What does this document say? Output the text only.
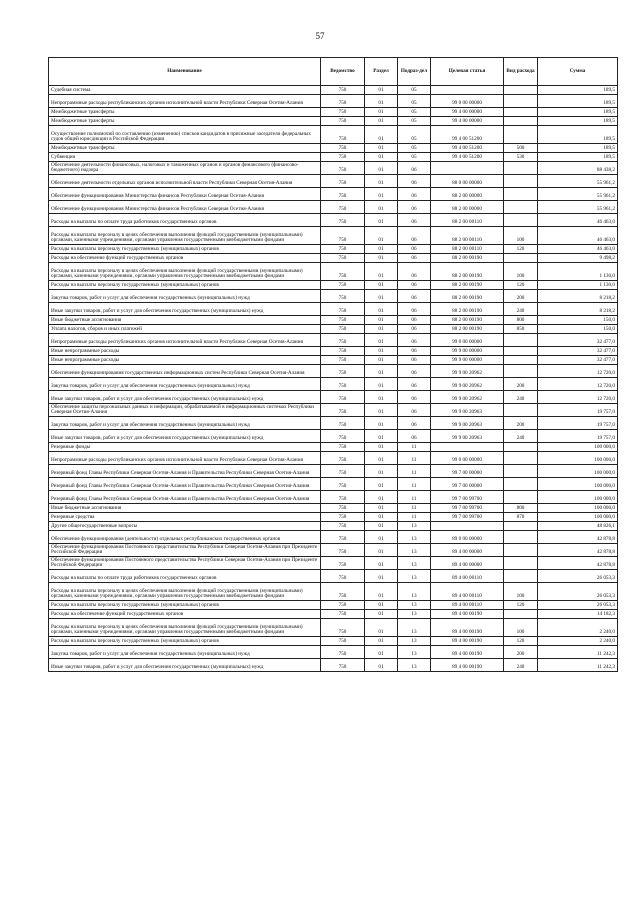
57
Наименование	Ведомство	Раздел	Подраз-дел	Целевая статья	Вид расхода	Сумма
Судебная система	750	01	05			189,5
Непрограммные расходы республиканских органов исполнительной власти Республики Северная Осетия-Алания	750	01	05	99 0 00 00000		189,5
Межбюджетные трансферты	750	01	05	99 4 00 00000		189,5
Межбюджетные трансферты	750	01	05	99 4 00 00000		189,5
Осуществление полномочий по составлению (изменению) списков кандидатов в присяжные заседатели федеральных судов общей юрисдикции в Российской Федерации	750	01	05	99 4 00 51200		189,5
Межбюджетные трансферты	750	01	05	99 4 00 51200	500	189,5
Субвенции	750	01	05	99 4 00 51200	530	189,5
Обеспечение деятельности финансовых, налоговых и таможенных органов и органов финансового (финансово-бюджетного) надзора	750	01	06			88 438,2
Обеспечение деятельности отдельных органов исполнительной власти Республики Северная Осетия-Алания	750	01	06	88 0 00 00000		55 961,2
Обеспечение функционирования Министерства финансов Республики Северная Осетия-Алания	750	01	06	88 2 00 00000		55 961,2
Обеспечение функционирования Министерства финансов Республики Северная Осетия-Алания	750	01	06	88 2 00 00000		55 961,2
Расходы на выплаты по оплате труда работников государственных органов	750	01	06	88 2 00 00110		46 463,0
Расходы на выплаты персоналу в целях обеспечения выполнения функций государственными (муниципальными) органами, казенными учреждениями, органами управления государственными внебюджетными фондами	750	01	06	88 2 00 00110	100	46 463,0
Расходы на выплаты персоналу государственных (муниципальных) органов	750	01	06	88 2 00 00110	120	46 463,0
Расходы на обеспечение функций государственных органов	750	01	06	88 2 00 00190		9 498,2
Расходы на выплаты персоналу в целях обеспечения выполнения функций государственными (муниципальными) органами, казенными учреждениями, органами управления государственными внебюджетными фондами	750	01	06	88 2 00 00190	100	1 130,0
Расходы на выплаты персоналу государственных (муниципальных) органов	750	01	06	88 2 00 00190	120	1 130,0
Закупка товаров, работ и услуг для обеспечения государственных (муниципальных) нужд	750	01	06	88 2 00 00190	200	8 218,2
Иные закупки товаров, работ и услуг для обеспечения государственных (муниципальных) нужд	750	01	06	88 2 00 00190	240	8 218,2
Иные бюджетные ассигнования	750	01	06	88 2 00 00190	800	150,0
Уплата налогов, сборов и иных платежей	750	01	06	88 2 00 00190	850	150,0
Непрограммные расходы республиканских органов исполнительной власти Республики Северная Осетия-Алания	750	01	06	99 0 00 00000		32 477,0
Иные непрограммные расходы	750	01	06	99 9 00 00000		32 477,0
Иные непрограммные расходы	750	01	06	99 9 00 00000		32 477,0
Обеспечение функционирования государственных информационных систем Республики Северная Осетия-Алания	750	01	06	99 9 00 20962		12 720,0
Закупка товаров, работ и услуг для обеспечения государственных (муниципальных) нужд	750	01	06	99 9 00 20962	200	12 720,0
Иные закупки товаров, работ и услуг для обеспечения государственных (муниципальных) нужд	750	01	06	99 9 00 20962	240	12 720,0
Обеспечение защиты персональных данных и информации, обрабатываемой в информационных системах Республики Северная Осетия-Алания	750	01	06	99 9 00 20963		19 757,0
Закупка товаров, работ и услуг для обеспечения государственных (муниципальных) нужд	750	01	06	99 9 00 20963	200	19 757,0
Иные закупки товаров, работ и услуг для обеспечения государственных (муниципальных) нужд	750	01	06	99 9 00 20963	240	19 757,0
Резервные фонды	750	01	11			100 000,0
Непрограммные расходы республиканских органов исполнительной власти Республики Северная Осетия-Алания	750	01	11	99 0 00 00000		100 000,0
Резервный фонд Главы Республики Северная Осетия-Алания и Правительства Республики Северная Осетия-Алания	750	01	11	99 7 00 00000		100 000,0
Резервный фонд Главы Республики Северная Осетия-Алания и Правительства Республики Северная Осетия-Алания	750	01	11	99 7 00 00000		100 000,0
Резервный фонд Главы Республики Северная Осетия-Алания и Правительства Республики Северная Осетия-Алания	750	01	11	99 7 00 99700		100 000,0
Иные бюджетные ассигнования	750	01	11	99 7 00 99700	800	100 000,0
Резервные средства	750	01	11	99 7 00 99700	870	100 000,0
Другие общегосударственные вопросы	750	01	13			48 826,1
Обеспечение функционирования (деятельности) отдельных республиканских государственных органов	750	01	13	89 0 00 00000		42 878,8
Обеспечение функционирования Постоянного представительства Республики Северная Осетия-Алания при Президенте Российской Федерации	750	01	13	89 4 00 00000		42 878,8
Обеспечение функционирования Постоянного представительства Республики Северная Осетия-Алания при Президенте Российской Федерации	750	01	13	89 4 00 00000		42 878,8
Расходы на выплаты по оплате труда работников государственных органов	750	01	13	89 4 00 00110		26 053,3
Расходы на выплаты персоналу в целях обеспечения выполнения функций государственными (муниципальными) органами, казенными учреждениями, органами управления государственными внебюджетными фондами	750	01	13	89 4 00 00110	100	26 053,3
Расходы на выплаты персоналу государственных (муниципальных) органов	750	01	13	89 4 00 00110	120	26 053,3
Расходы на обеспечение функций государственных органов	750	01	13	89 4 00 00190		14 182,3
Расходы на выплаты персоналу в целях обеспечения выполнения функций государственными (муниципальными) органами, казенными учреждениями, органами управления государственными внебюджетными фондами	750	01	13	89 4 00 00190	100	2 240,0
Расходы на выплаты персоналу государственных (муниципальных) органов	750	01	13	89 4 00 00190	120	2 240,0
Закупка товаров, работ и услуг для обеспечения государственных (муниципальных) нужд	750	01	13	89 4 00 00190	200	11 242,3
Иные закупки товаров, работ и услуг для обеспечения государственных (муниципальных) нужд	750	01	13	89 4 00 00190	240	11 242,3
